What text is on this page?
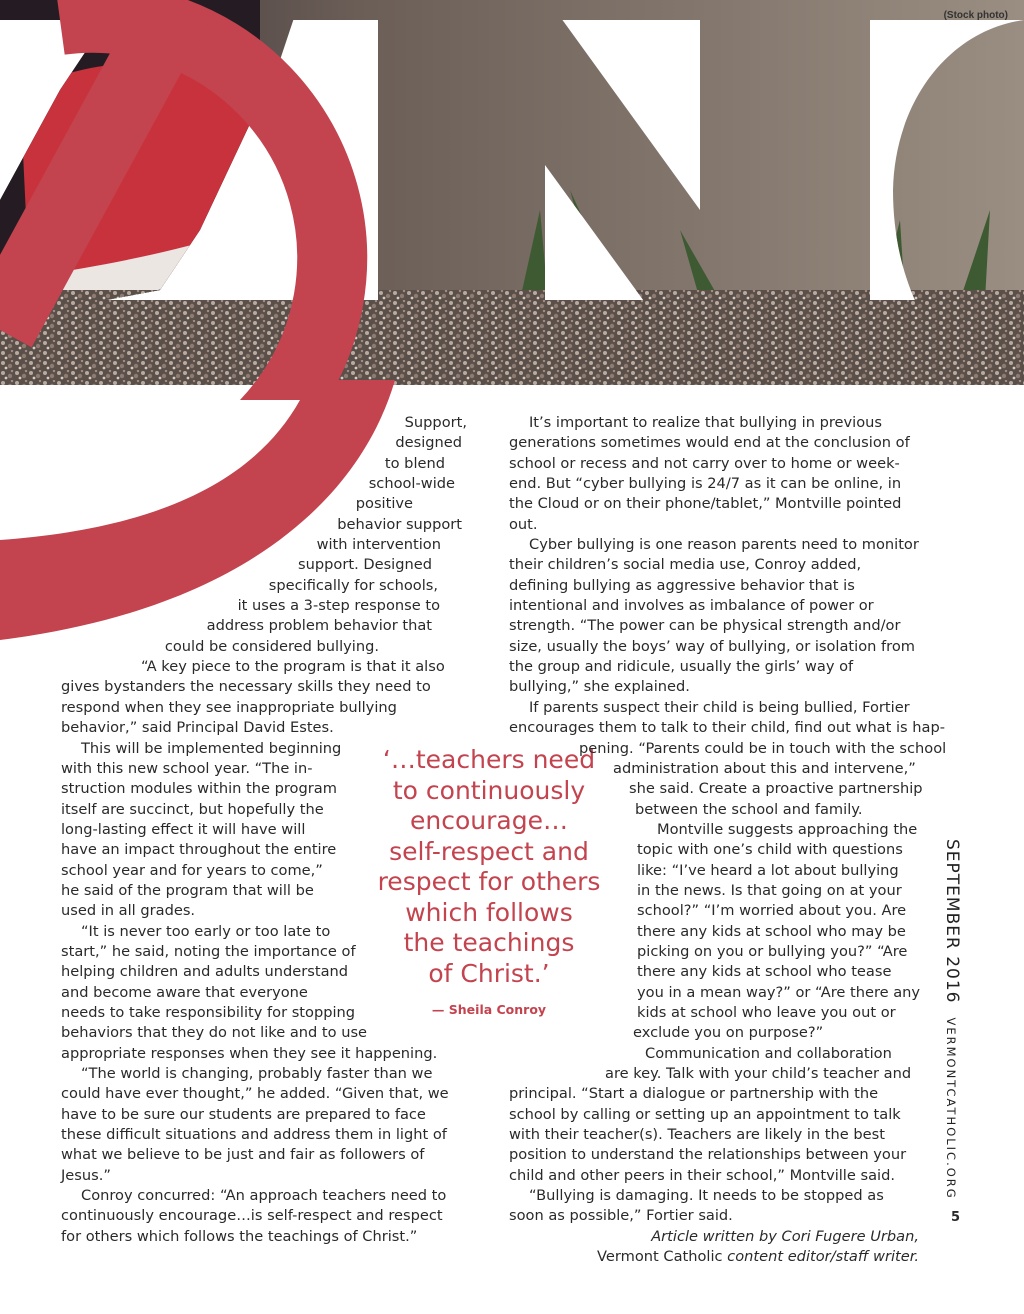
(Stock photo)
Support,
designed
to blend
school-wide
positive
behavior support
with intervention
support. Designed
specifically for schools,
it uses a 3-step response to
address problem behavior that
could be considered bullying.
“A key piece to the program is that it also

gives bystanders the necessary skills they need to respond when they see inappropriate bullying behavior,” said Principal David Estes.

This will be implemented beginning
with this new school year. “The in-
struction modules within the program
itself are succinct, but hopefully the
long-lasting effect it will have will
have an impact throughout the entire
school year and for years to come,”
he said of the program that will be
used in all grades.
“It is never too early or too late to
start,” he said, noting the importance of
helping children and adults understand
and become aware that everyone
needs to take responsibility for stopping
behaviors that they do not like and to use
appropriate responses when they see it happening.

“The world is changing, probably faster than we could have ever thought,” he added. “Given that, we have to be sure our students are prepared to face these difficult situations and address them in light of what we believe to be just and fair as followers of Jesus.”

Conroy concurred: “An approach teachers need to continuously encourage…is self-respect and respect for others which follows the teachings of Christ.”

‘…teachers need
to continuously
encourage…
self-respect and
respect for others
which follows
the teachings
of Christ.’
— Sheila Conroy

It’s important to realize that bullying in previous generations sometimes would end at the conclusion of school or recess and not carry over to home or week-end. But “cyber bullying is 24/7 as it can be online, in the Cloud or on their phone/tablet,” Montville pointed out.

Cyber bullying is one reason parents need to monitor their children’s social media use, Conroy added, defining bullying as aggressive behavior that is intentional and involves as imbalance of power or strength. “The power can be physical strength and/or size, usually the boys’ way of bullying, or isolation from the group and ridicule, usually the girls’ way of bullying,” she explained.

If parents suspect their child is being bullied, Fortier
encourages them to talk to their child, find out what is hap-
pening. “Parents could be in touch with the school
administration about this and intervene,”
she said. Create a proactive partnership
between the school and family.
Montville suggests approaching the
topic with one’s child with questions
like: “I’ve heard a lot about bullying
in the news. Is that going on at your
school?” “I’m worried about you. Are
there any kids at school who may be
picking on you or bullying you?” “Are
there any kids at school who tease
you in a mean way?” or “Are there any
kids at school who leave you out or
exclude you on purpose?”
Communication and collaboration
are key. Talk with your child’s teacher and

principal. “Start a dialogue or partnership with the school by calling or setting up an appointment to talk with their teacher(s). Teachers are likely in the best position to understand the relationships between your child and other peers in their school,” Montville said.

“Bullying is damaging. It needs to be stopped as soon as possible,” Fortier said.

Article written by Cori Fugere Urban,
Vermont Catholic content editor/staff writer.
SEPTEMBER 2016VERMONTCATHOLIC.ORG
5
